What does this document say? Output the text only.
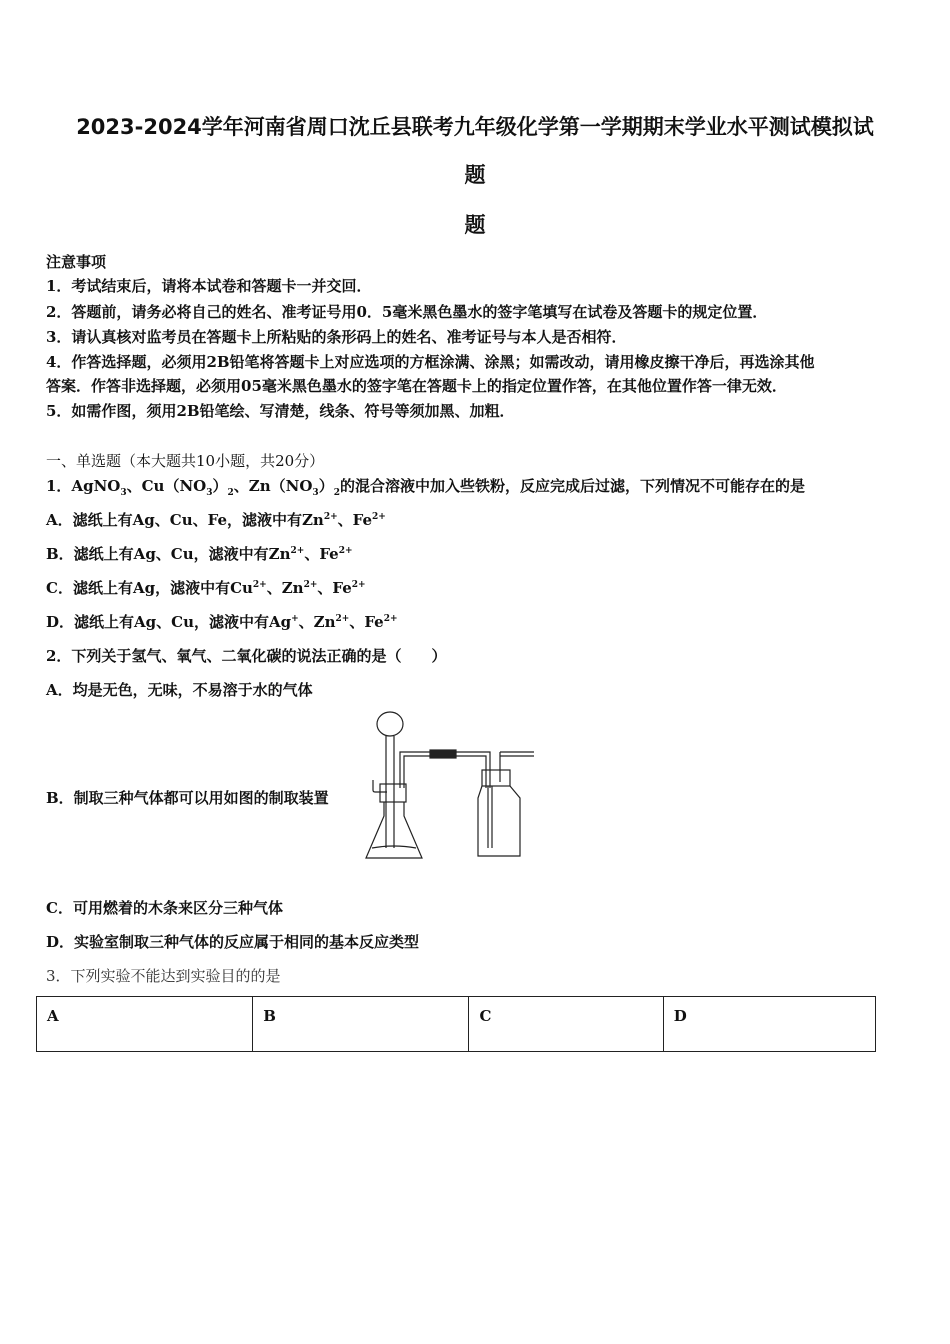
2023-2024学年河南省周口沈丘县联考九年级化学第一学期期末学业水平测试模拟试
题
题
注意事项
1．考试结束后，请将本试卷和答题卡一并交回．
2．答题前，请务必将自己的姓名、准考证号用0．5毫米黑色墨水的签字笔填写在试卷及答题卡的规定位置．
3．请认真核对监考员在答题卡上所粘贴的条形码上的姓名、准考证号与本人是否相符．
4．作答选择题，必须用2B铅笔将答题卡上对应选项的方框涂满、涂黑；如需改动，请用橡皮擦干净后，再选涂其他
答案．作答非选择题，必须用05毫米黑色墨水的签字笔在答题卡上的指定位置作答，在其他位置作答一律无效．
5．如需作图，须用2B铅笔绘、写清楚，线条、符号等须加黑、加粗．
一、单选题（本大题共10小题，共20分）
1．AgNO$_3$、$Cu(NO_3)_2$、$Zn(NO_3)_2$的混合溶液中加入些铁粉，反应完成后过滤，下列情况不可能存在的是
A．滤纸上有Ag、Cu、Fe，滤液中有$Zn^{2+}$、$Fe^{2+}$
B．滤纸上有Ag、Cu，滤液中有$Zn^{2+}$、$Fe^{2+}$
C．滤纸上有Ag，滤液中有$Cu^{2+}$、$Zn^{2+}$、$Fe^{2+}$
D．滤纸上有Ag、Cu，滤液中有Ag+、$Zn^{2+}$、$Fe^{2+}$
2．下列关于氢气、氧气、二氧化碳的说法正确的是（　　）
A．均是无色，无味，不易溶于水的气体
B．制取三种气体都可以用如图的制取装置
C．可用燃着的木条来区分三种气体
D．实验室制取三种气体的反应属于相同的基本反应类型
3．下列实验不能达到实验目的的是
A	B	C	D
